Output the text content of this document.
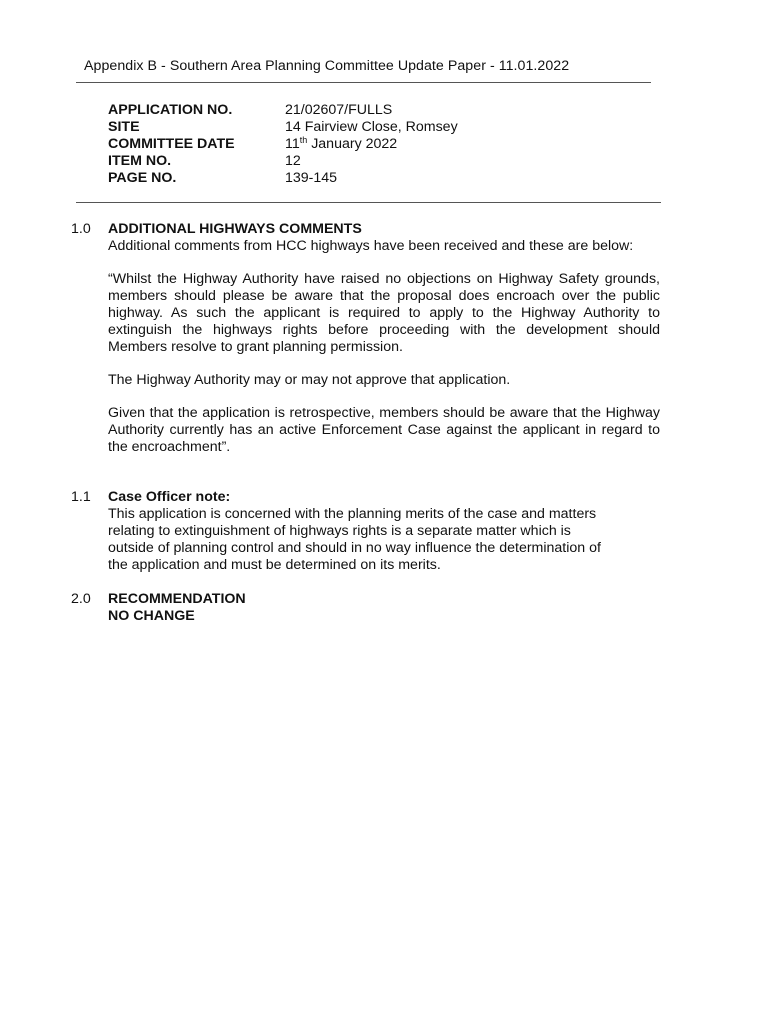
Appendix B - Southern Area Planning Committee Update Paper - 11.01.2022
APPLICATION NO.	21/02607/FULLS
SITE	14 Fairview Close, Romsey
COMMITTEE DATE	11th January 2022
ITEM NO.	12
PAGE NO.	139-145
1.0 ADDITIONAL HIGHWAYS COMMENTS

Additional comments from HCC highways have been received and these are below:

“Whilst the Highway Authority have raised no objections on Highway Safety grounds, members should please be aware that the proposal does encroach over the public highway. As such the applicant is required to apply to the Highway Authority to extinguish the highways rights before proceeding with the development should Members resolve to grant planning permission.

The Highway Authority may or may not approve that application.

Given that the application is retrospective, members should be aware that the Highway Authority currently has an active Enforcement Case against the applicant in regard to the encroachment”.

1.1 Case Officer note:
This application is concerned with the planning merits of the case and matters
relating to extinguishment of highways rights is a separate matter which is
outside of planning control and should in no way influence the determination of
the application and must be determined on its merits.
2.0 RECOMMENDATION
NO CHANGE
